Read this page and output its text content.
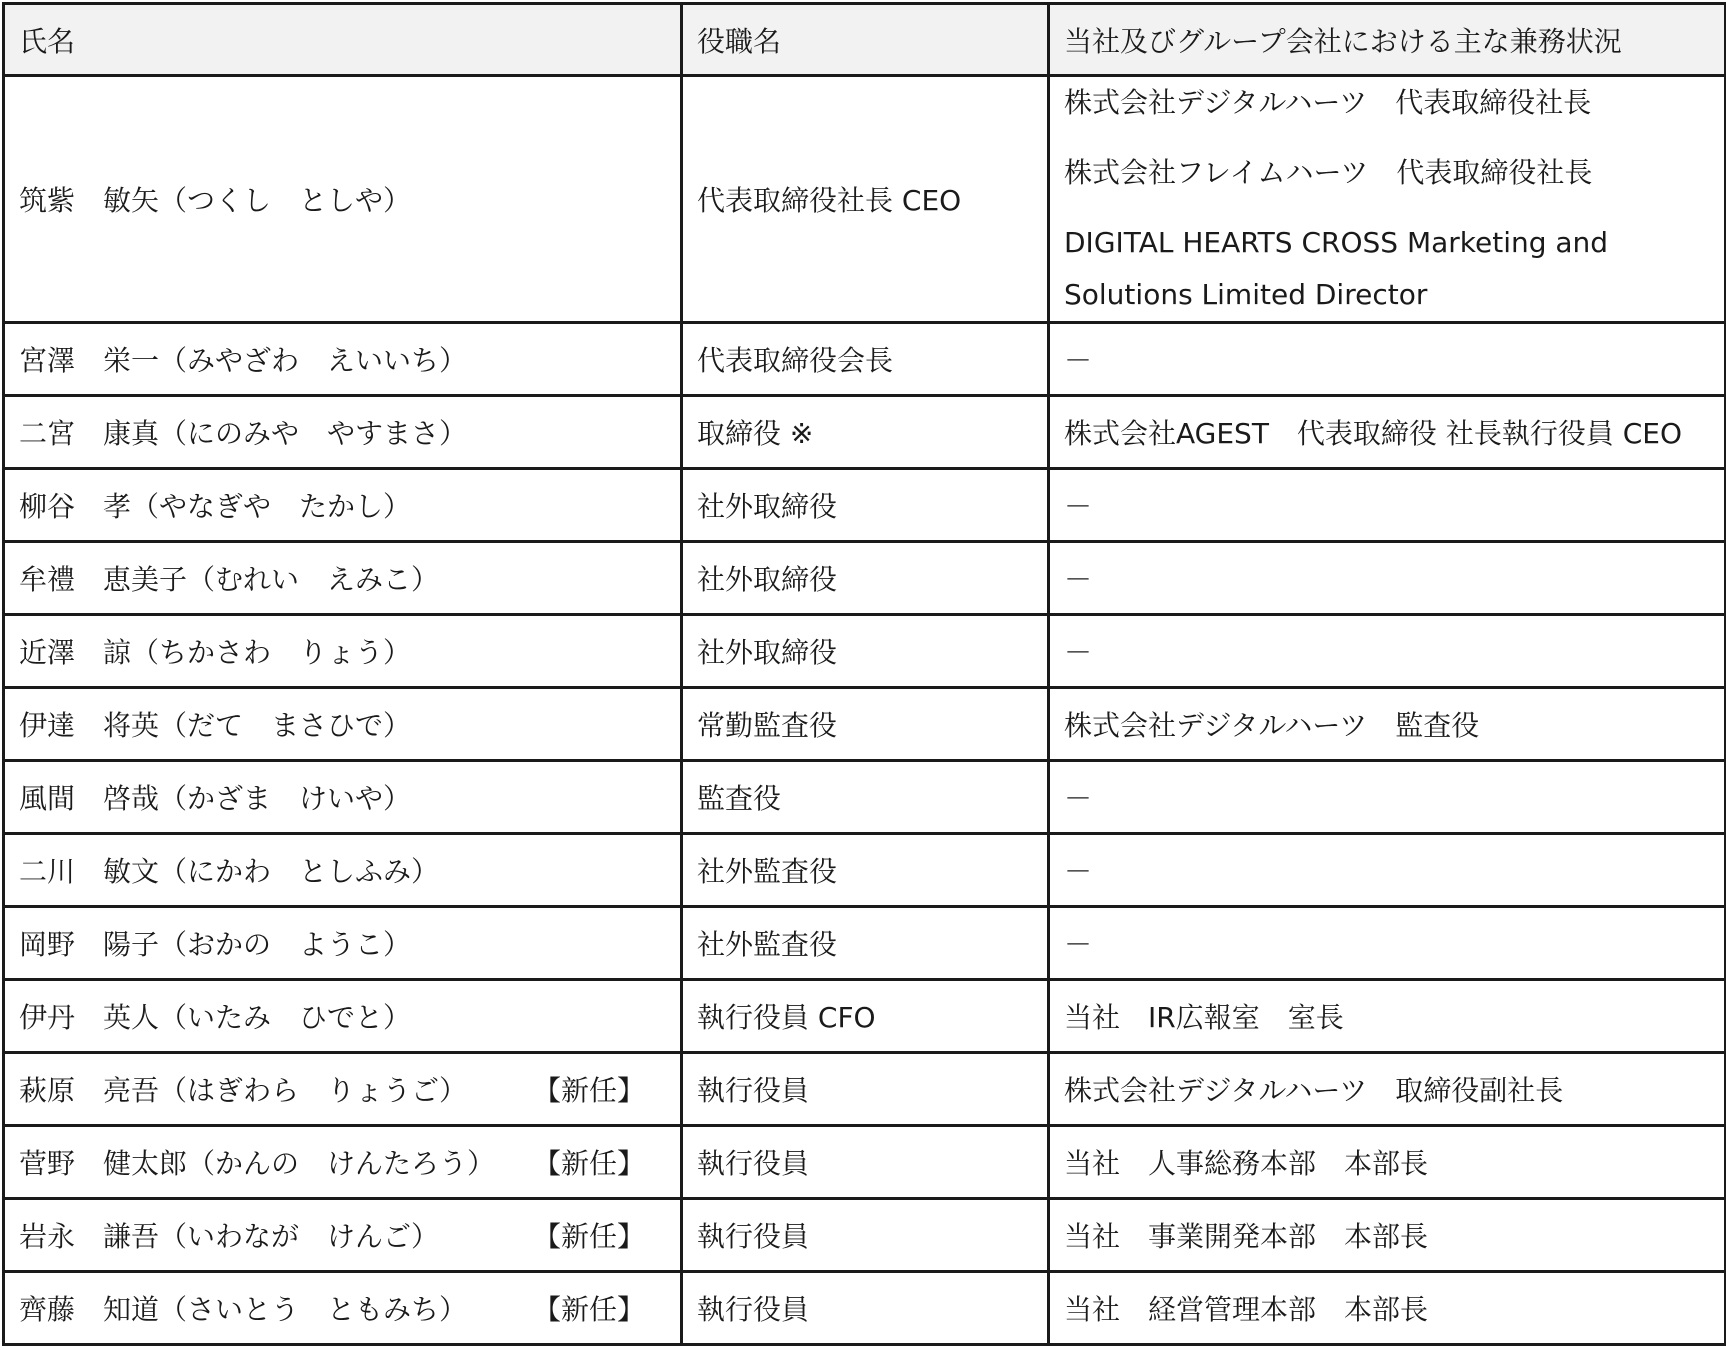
氏名	役職名	当社及びグループ会社における主な兼務状況
筑紫　敏矢（つくし　としや）	代表取締役社長 CEO	株式会社デジタルハーツ　代表取締役社長

株式会社フレイムハーツ　代表取締役社長

DIGITAL HEARTS CROSS Marketing and Solutions Limited Director

宮澤　栄一（みやざわ　えいいち）	代表取締役会長	－
二宮　康真（にのみや　やすまさ）	取締役 ※	株式会社AGEST　代表取締役 社長執行役員 CEO
柳谷　孝（やなぎや　たかし）	社外取締役	－
牟禮　恵美子（むれい　えみこ）	社外取締役	－
近澤　諒（ちかさわ　りょう）	社外取締役	－
伊達　将英（だて　まさひで）	常勤監査役	株式会社デジタルハーツ　監査役
風間　啓哉（かざま　けいや）	監査役	－
二川　敏文（にかわ　としふみ）	社外監査役	－
岡野　陽子（おかの　ようこ）	社外監査役	－
伊丹　英人（いたみ　ひでと）	執行役員 CFO	当社　IR広報室　室長
萩原　亮吾（はぎわら　りょうご） 【新任】	執行役員	株式会社デジタルハーツ　取締役副社長
菅野　健太郎（かんの　けんたろう） 【新任】	執行役員	当社　人事総務本部　本部長
岩永　謙吾（いわなが　けんご） 【新任】	執行役員	当社　事業開発本部　本部長
齊藤　知道（さいとう　ともみち） 【新任】	執行役員	当社　経営管理本部　本部長
